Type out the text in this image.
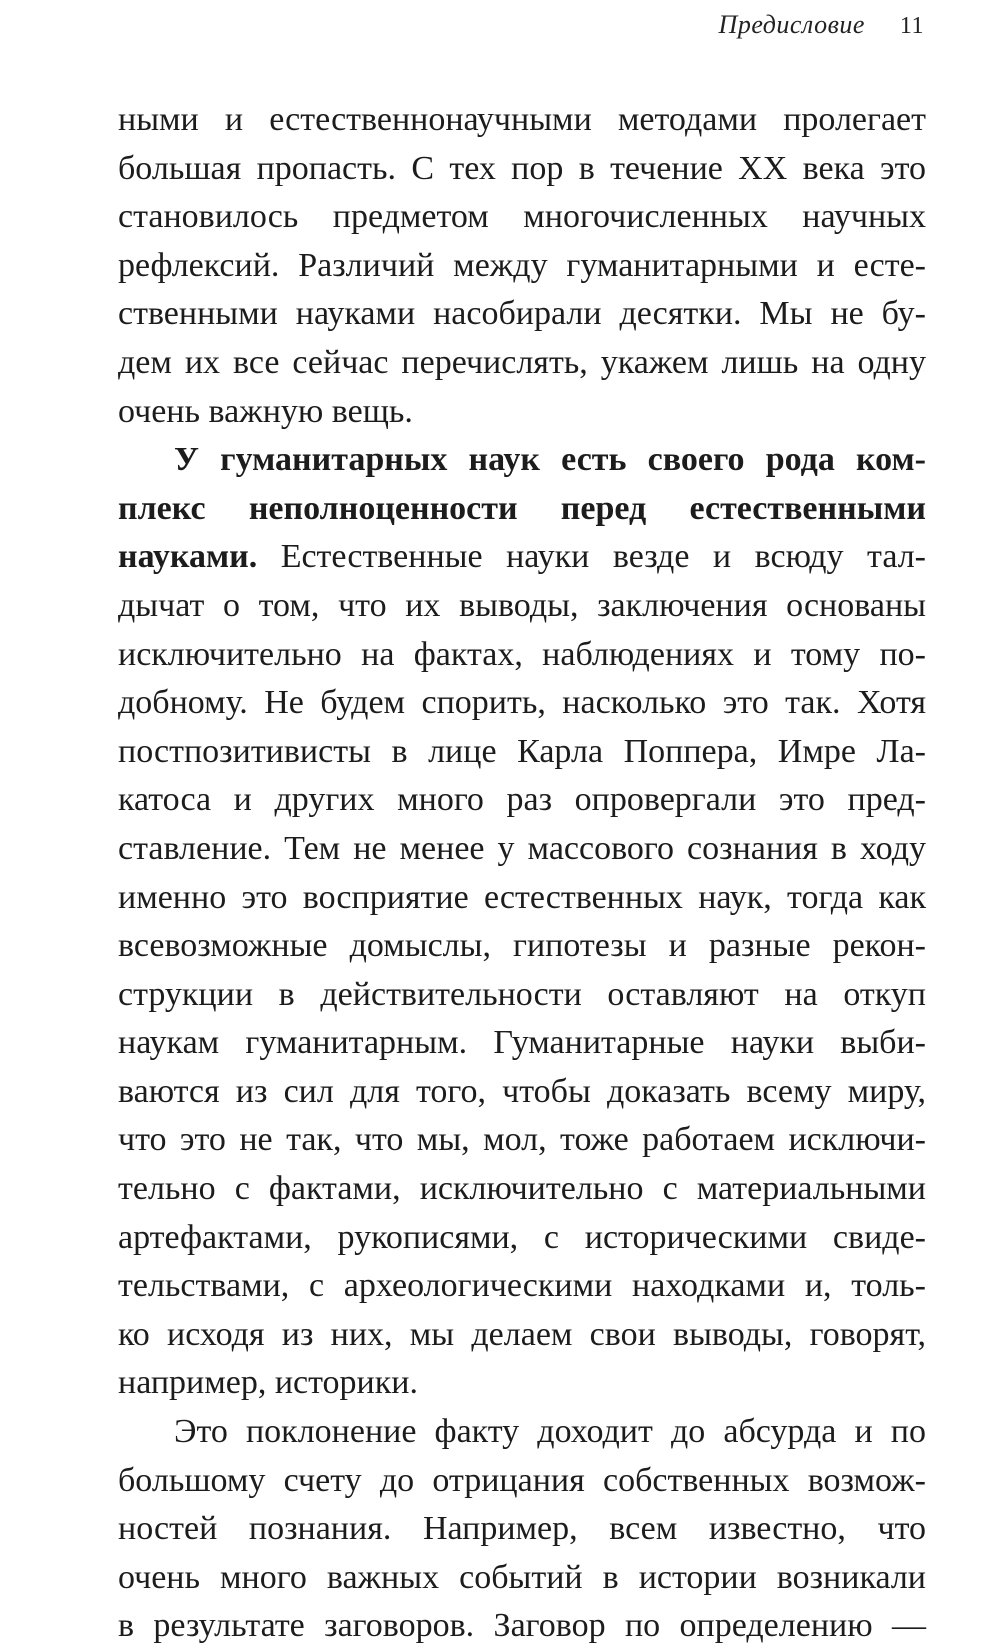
Предисловие 11
ными и естественнонаучными методами пролегает
большая пропасть. С тех пор в течение XX века это
становилось предметом многочисленных научных
рефлексий. Различий между гуманитарными и есте-
ственными науками насобирали десятки. Мы не бу-
дем их все сейчас перечислять, укажем лишь на одну
очень важную вещь.
У гуманитарных наук есть своего рода ком-
плекс неполноценности перед естественными
науками. Естественные науки везде и всюду тал-
дычат о том, что их выводы, заключения основаны
исключительно на фактах, наблюдениях и тому по-
добному. Не будем спорить, насколько это так. Хотя
постпозитивисты в лице Карла Поппера, Имре Ла-
катоса и других много раз опровергали это пред-
ставление. Тем не менее у массового сознания в ходу
именно это восприятие естественных наук, тогда как
всевозможные домыслы, гипотезы и разные рекон-
струкции в действительности оставляют на откуп
наукам гуманитарным. Гуманитарные науки выби-
ваются из сил для того, чтобы доказать всему миру,
что это не так, что мы, мол, тоже работаем исключи-
тельно с фактами, исключительно с материальными
артефактами, рукописями, с историческими свиде-
тельствами, с археологическими находками и, толь-
ко исходя из них, мы делаем свои выводы, говорят,
например, историки.
Это поклонение факту доходит до абсурда и по
большому счету до отрицания собственных возмож-
ностей познания. Например, всем известно, что
очень много важных событий в истории возникали
в результате заговоров. Заговор по определению —
